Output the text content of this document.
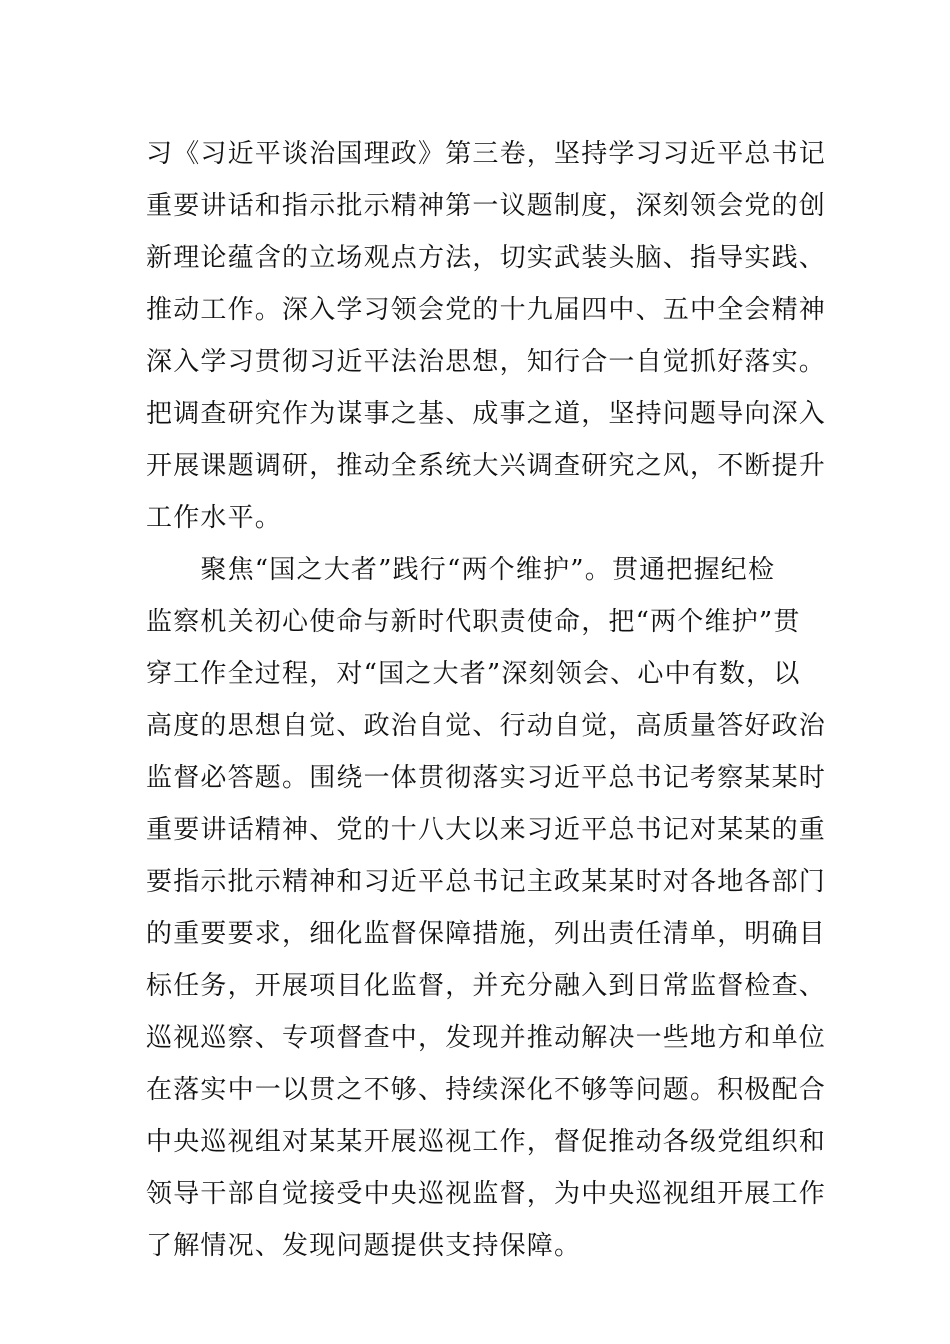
习《习近平谈治国理政》第三卷，坚持学习习近平总书记
重要讲话和指示批示精神第一议题制度，深刻领会党的创
新理论蕴含的立场观点方法，切实武装头脑、指导实践、
推动工作。深入学习领会党的十九届四中、五中全会精神
深入学习贯彻习近平法治思想，知行合一自觉抓好落实。
把调查研究作为谋事之基、成事之道，坚持问题导向深入
开展课题调研，推动全系统大兴调查研究之风，不断提升
工作水平。
　　聚焦“国之大者”践行“两个维护”。贯通把握纪检
监察机关初心使命与新时代职责使命，把“两个维护”贯
穿工作全过程，对“国之大者”深刻领会、心中有数，以
高度的思想自觉、政治自觉、行动自觉，高质量答好政治
监督必答题。围绕一体贯彻落实习近平总书记考察某某时
重要讲话精神、党的十八大以来习近平总书记对某某的重
要指示批示精神和习近平总书记主政某某时对各地各部门
的重要要求，细化监督保障措施，列出责任清单，明确目
标任务，开展项目化监督，并充分融入到日常监督检查、
巡视巡察、专项督查中，发现并推动解决一些地方和单位
在落实中一以贯之不够、持续深化不够等问题。积极配合
中央巡视组对某某开展巡视工作，督促推动各级党组织和
领导干部自觉接受中央巡视监督，为中央巡视组开展工作
了解情况、发现问题提供支持保障。
